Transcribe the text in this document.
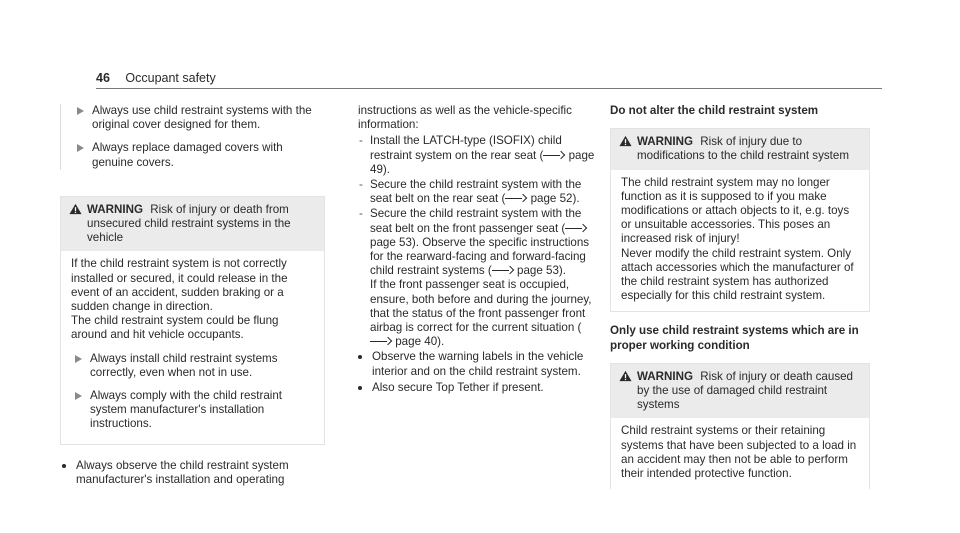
46 Occupant safety
Always use child restraint systems with the original cover designed for them.
Always replace damaged covers with genuine covers.
WARNING Risk of injury or death from unsecured child restraint systems in the vehicle

If the child restraint system is not correctly installed or secured, it could release in the event of an accident, sudden braking or a sudden change in direction.

The child restraint system could be flung around and hit vehicle occupants.

Always install child restraint systems correctly, even when not in use.
Always comply with the child restraint system manufacturer's installation instructions.
Always observe the child restraint system manufacturer's installation and operating
instructions as well as the vehicle-specific information:
- Install the LATCH-type (ISOFIX) child restraint system on the rear seat ( page 49).
- Secure the child restraint system with the seat belt on the rear seat ( page 52).
- Secure the child restraint system with the seat belt on the front passenger seat ( page 53). Observe the specific instructions for the rearward-facing and forward-facing child restraint systems ( page 53).
If the front passenger seat is occupied, ensure, both before and during the journey, that the status of the front passenger front airbag is correct for the current situation ( page 40).
Observe the warning labels in the vehicle interior and on the child restraint system.
Also secure Top Tether if present.
Do not alter the child restraint system
WARNING Risk of injury due to modifications to the child restraint system

The child restraint system may no longer function as it is supposed to if you make modifications or attach objects to it, e.g. toys or unsuitable accessories. This poses an increased risk of injury!

Never modify the child restraint system. Only attach accessories which the manufacturer of the child restraint system has authorized especially for this child restraint system.

Only use child restraint systems which are in proper working condition
WARNING Risk of injury or death caused by the use of damaged child restraint systems

Child restraint systems or their retaining systems that have been subjected to a load in an accident may then not be able to perform their intended protective function.
